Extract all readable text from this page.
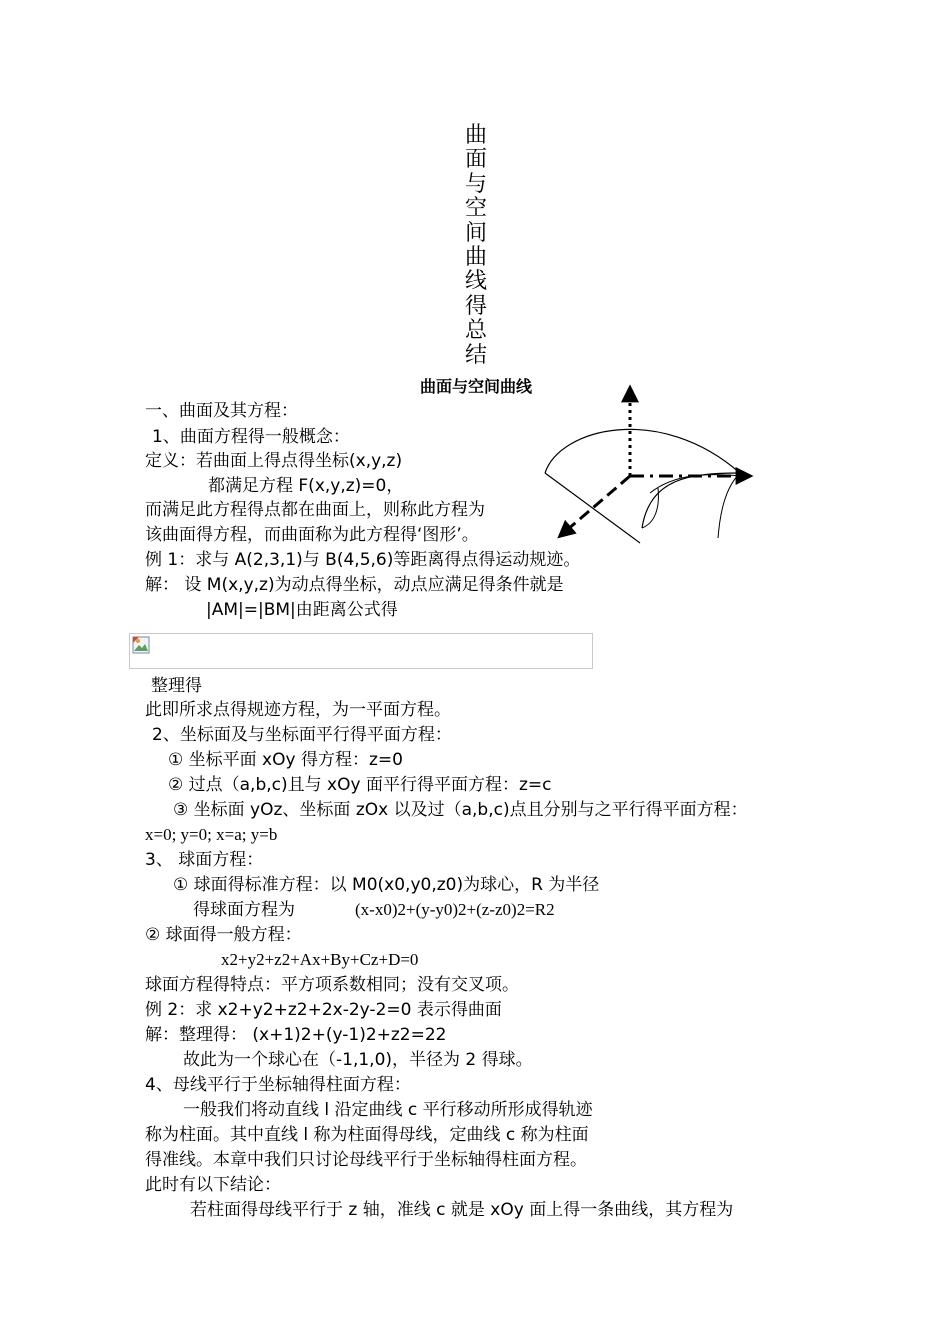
曲
面
与
空
间
曲
线
得
总
结
曲面与空间曲线
一、曲面及其方程：
1、曲面方程得一般概念：
定义：若曲面上得点得坐标(x,y,z)
都满足方程 F(x,y,z)=0，
而满足此方程得点都在曲面上，则称此方程为
该曲面得方程，而曲面称为此方程得‘图形’。
例 1：求与 A(2,3,1)与 B(4,5,6)等距离得点得运动规迹。
解： 设 M(x,y,z)为动点得坐标，动点应满足得条件就是
|AM|=|BM|由距离公式得
整理得
此即所求点得规迹方程，为一平面方程。
2、坐标面及与坐标面平行得平面方程：
① 坐标平面 xOy 得方程：z=0
② 过点（a,b,c)且与 xOy 面平行得平面方程：z=c
③ 坐标面 yOz、坐标面 zOx 以及过（a,b,c)点且分别与之平行得平面方程：
x=0; y=0; x=a; y=b
3、 球面方程：
① 球面得标准方程：以 M0(x0,y0,z0)为球心，R 为半径
得球面方程为	(x-x0)2+(y-y0)2+(z-z0)2=R2
② 球面得一般方程：
x2+y2+z2+Ax+By+Cz+D=0
球面方程得特点：平方项系数相同；没有交叉项。
例 2：求 x2+y2+z2+2x-2y-2=0 表示得曲面
解：整理得： (x+1)2+(y-1)2+z2=22
故此为一个球心在（-1,1,0)，半径为 2 得球。
4、母线平行于坐标轴得柱面方程：
一般我们将动直线 l 沿定曲线 c 平行移动所形成得轨迹
称为柱面。其中直线 l 称为柱面得母线，定曲线 c 称为柱面
得准线。本章中我们只讨论母线平行于坐标轴得柱面方程。
此时有以下结论：
若柱面得母线平行于 z 轴，准线 c 就是 xOy 面上得一条曲线，其方程为
